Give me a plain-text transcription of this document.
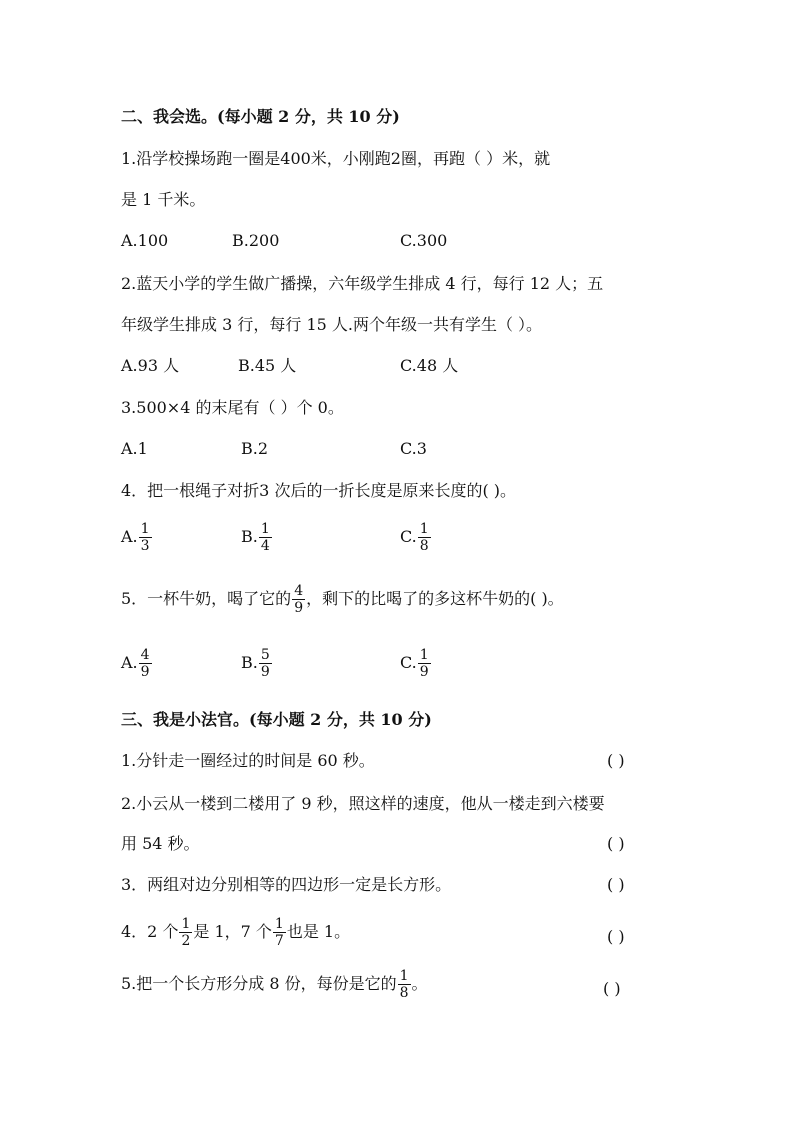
二、我会选。(每小题 2 分，共 10 分)
1.沿学校操场跑一圈是400米，小刚跑2圈，再跑（ ）米，就
是 1 千米。
A.100	B.200	C.300
2.蓝天小学的学生做广播操，六年级学生排成 4 行，每行 12 人；五
年级学生排成 3 行，每行 15 人.两个年级一共有学生（ ）。
A.93 人	B.45 人	C.48 人
3.500×4 的末尾有（ ）个 0。
A.1	B.2	C.3
4．把一根绳子对折3 次后的一折长度是原来长度的( )。
A. $\frac{1}{3}$	B. $\frac{1}{4}$	C. $\frac{1}{8}$
5．一杯牛奶，喝了它的 $\frac{4}{9}$ ，剩下的比喝了的多这杯牛奶的( )。
A. $\frac{4}{9}$	B. $\frac{5}{9}$	C. $\frac{1}{9}$
三、我是小法官。(每小题 2 分，共 10 分)
1.分针走一圈经过的时间是 60 秒。	( )
2.小云从一楼到二楼用了 9 秒，照这样的速度，他从一楼走到六楼要
用 54 秒。	( )
3．两组对边分别相等的四边形一定是长方形。	( )
4．2 个 $\frac{1}{2}$ 是 1，7 个 $\frac{1}{7}$ 也是 1。	( )
5.把一个长方形分成 8 份，每份是它的 $\frac{1}{8}$ 。	( )
